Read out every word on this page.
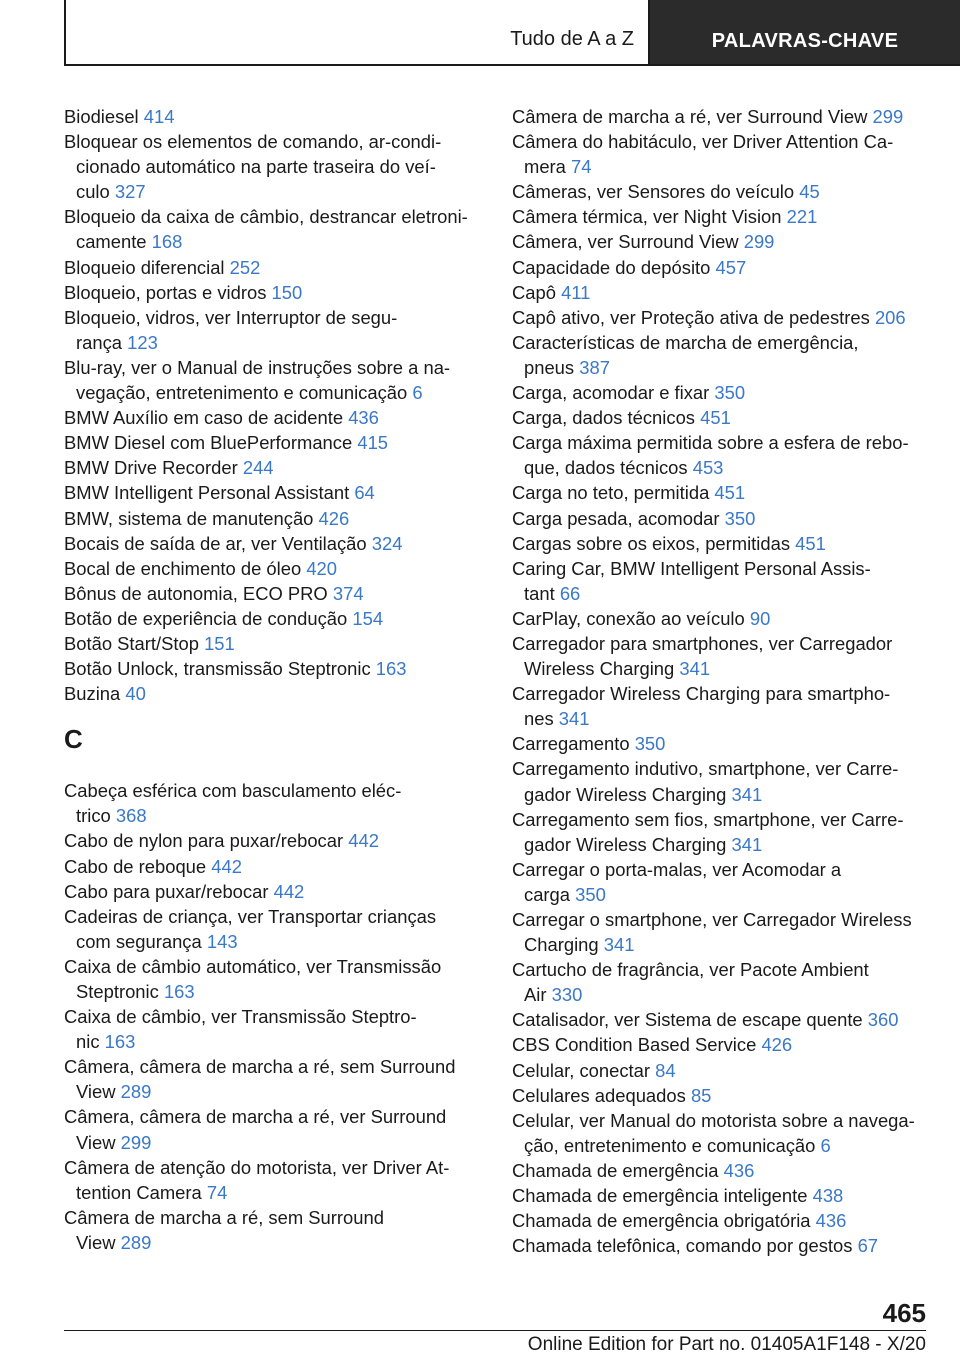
Tudo de A a Z	PALAVRAS-CHAVE
Biodiesel 414
Bloquear os elementos de comando, ar-condi-
cionado automático na parte traseira do veí-
culo 327
Bloqueio da caixa de câmbio, destrancar eletroni-
camente 168
Bloqueio diferencial 252
Bloqueio, portas e vidros 150
Bloqueio, vidros, ver Interruptor de segu-
rança 123
Blu-ray, ver o Manual de instruções sobre a na-
vegação, entretenimento e comunicação 6
BMW Auxílio em caso de acidente 436
BMW Diesel com BluePerformance 415
BMW Drive Recorder 244
BMW Intelligent Personal Assistant 64
BMW, sistema de manutenção 426
Bocais de saída de ar, ver Ventilação 324
Bocal de enchimento de óleo 420
Bônus de autonomia, ECO PRO 374
Botão de experiência de condução 154
Botão Start/Stop 151
Botão Unlock, transmissão Steptronic 163
Buzina 40
C
Cabeça esférica com basculamento eléc-
trico 368
Cabo de nylon para puxar/rebocar 442
Cabo de reboque 442
Cabo para puxar/rebocar 442
Cadeiras de criança, ver Transportar crianças
com segurança 143
Caixa de câmbio automático, ver Transmissão
Steptronic 163
Caixa de câmbio, ver Transmissão Steptro-
nic 163
Câmera, câmera de marcha a ré, sem Surround
View 289
Câmera, câmera de marcha a ré, ver Surround
View 299
Câmera de atenção do motorista, ver Driver At-
tention Camera 74
Câmera de marcha a ré, sem Surround
View 289
Câmera de marcha a ré, ver Surround View 299
Câmera do habitáculo, ver Driver Attention Ca-
mera 74
Câmeras, ver Sensores do veículo 45
Câmera térmica, ver Night Vision 221
Câmera, ver Surround View 299
Capacidade do depósito 457
Capô 411
Capô ativo, ver Proteção ativa de pedestres 206
Características de marcha de emergência,
pneus 387
Carga, acomodar e fixar 350
Carga, dados técnicos 451
Carga máxima permitida sobre a esfera de rebo-
que, dados técnicos 453
Carga no teto, permitida 451
Carga pesada, acomodar 350
Cargas sobre os eixos, permitidas 451
Caring Car, BMW Intelligent Personal Assis-
tant 66
CarPlay, conexão ao veículo 90
Carregador para smartphones, ver Carregador
Wireless Charging 341
Carregador Wireless Charging para smartpho-
nes 341
Carregamento 350
Carregamento indutivo, smartphone, ver Carre-
gador Wireless Charging 341
Carregamento sem fios, smartphone, ver Carre-
gador Wireless Charging 341
Carregar o porta-malas, ver Acomodar a
carga 350
Carregar o smartphone, ver Carregador Wireless
Charging 341
Cartucho de fragrância, ver Pacote Ambient
Air 330
Catalisador, ver Sistema de escape quente 360
CBS Condition Based Service 426
Celular, conectar 84
Celulares adequados 85
Celular, ver Manual do motorista sobre a navega-
ção, entretenimento e comunicação 6
Chamada de emergência 436
Chamada de emergência inteligente 438
Chamada de emergência obrigatória 436
Chamada telefônica, comando por gestos 67
465
Online Edition for Part no. 01405A1F148 - X/20
